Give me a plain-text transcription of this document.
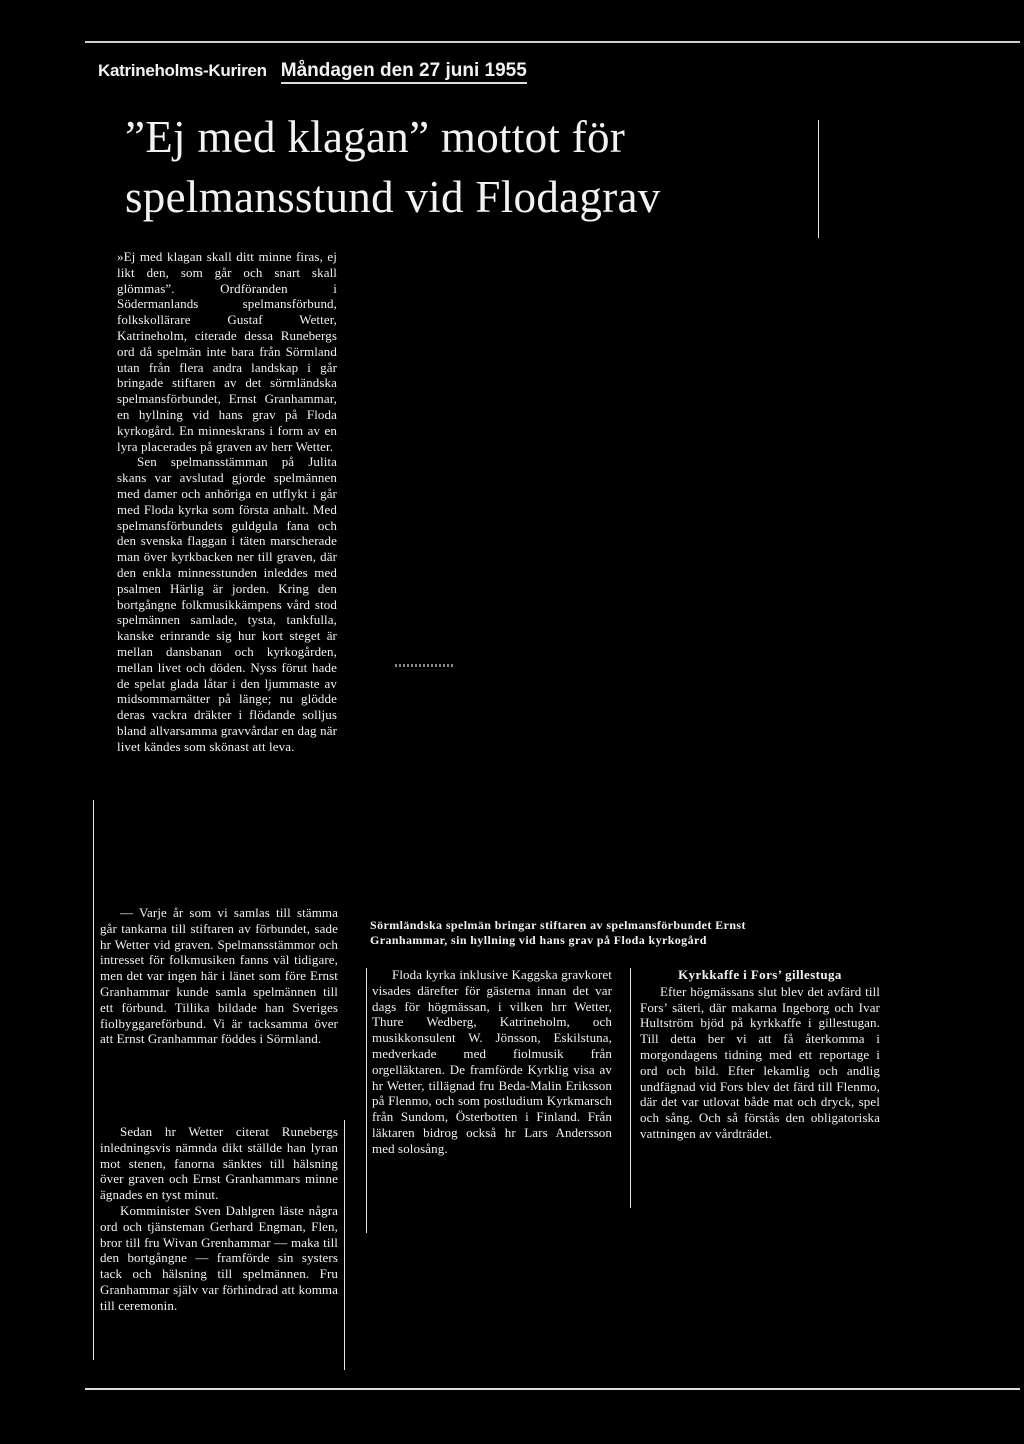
Katrineholms-Kuriren Måndagen den 27 juni 1955
”Ej med klagan” mottot för
spelmansstund vid Flodagrav

»Ej med klagan skall ditt minne firas, ej likt den, som går och snart skall glömmas”. Ordföranden i Södermanlands spelmansförbund, folkskollärare Gustaf Wetter, Katrineholm, citerade dessa Runebergs ord då spelmän inte bara från Sörmland utan från flera andra landskap i går bringade stiftaren av det sörmländska spelmansförbundet, Ernst Granhammar, en hyllning vid hans grav på Floda kyrkogård. En minneskrans i form av en lyra placerades på graven av herr Wetter.

Sen spelmansstämman på Julita skans var avslutad gjorde spelmännen med damer och anhöriga en utflykt i går med Floda kyrka som första anhalt. Med spelmansförbundets guldgula fana och den svenska flaggan i täten marscherade man över kyrkbacken ner till graven, där den enkla minnesstunden inleddes med psalmen Härlig är jorden. Kring den bortgångne folkmusikkämpens vård stod spelmännen samlade, tysta, tankfulla, kanske erinrande sig hur kort steget är mellan dansbanan och kyrkogården, mellan livet och döden. Nyss förut hade de spelat glada låtar i den ljummaste av midsommarnätter på länge; nu glödde deras vackra dräkter i flödande solljus bland allvarsamma gravvårdar en dag när livet kändes som skönast att leva.

— Varje år som vi samlas till stämma går tankarna till stiftaren av förbundet, sade hr Wetter vid graven. Spelmansstämmor och intresset för folkmusiken fanns väl tidigare, men det var ingen här i länet som före Ernst Granhammar kunde samla spelmännen till ett förbund. Tillika bildade han Sveriges fiolbyggareförbund. Vi är tacksamma över att Ernst Granhammar föddes i Sörmland.

Sedan hr Wetter citerat Runebergs inledningsvis nämnda dikt ställde han lyran mot stenen, fanorna sänktes till hälsning över graven och Ernst Granhammars minne ägnades en tyst minut.

Komminister Sven Dahlgren läste några ord och tjänsteman Gerhard Engman, Flen, bror till fru Wivan Grenhammar — maka till den bortgångne — framförde sin systers tack och hälsning till spelmännen. Fru Granhammar själv var förhindrad att komma till ceremonin.

Sörmländska spelmän bringar stiftaren av spelmansförbundet Ernst Granhammar, sin hyllning vid hans grav på Floda kyrkogård

Floda kyrka inklusive Kaggska gravkoret visades därefter för gästerna innan det var dags för högmässan, i vilken hrr Wetter, Thure Wedberg, Katrineholm, och musikkonsulent W. Jönsson, Eskilstuna, medverkade med fiolmusik från orgelläktaren. De framförde Kyrklig visa av hr Wetter, tillägnad fru Beda-Malin Eriksson på Flenmo, och som postludium Kyrkmarsch från Sundom, Österbotten i Finland. Från läktaren bidrog också hr Lars Andersson med solosång.

Kyrkkaffe i Fors’ gillestuga

Efter högmässans slut blev det avfärd till Fors’ säteri, där makarna Ingeborg och Ivar Hultström bjöd på kyrkkaffe i gillestugan. Till detta ber vi att få återkomma i morgondagens tidning med ett reportage i ord och bild. Efter lekamlig och andlig undfägnad vid Fors blev det färd till Flenmo, där det var utlovat både mat och dryck, spel och sång. Och så förstås den obligatoriska vattningen av vårdträdet.
